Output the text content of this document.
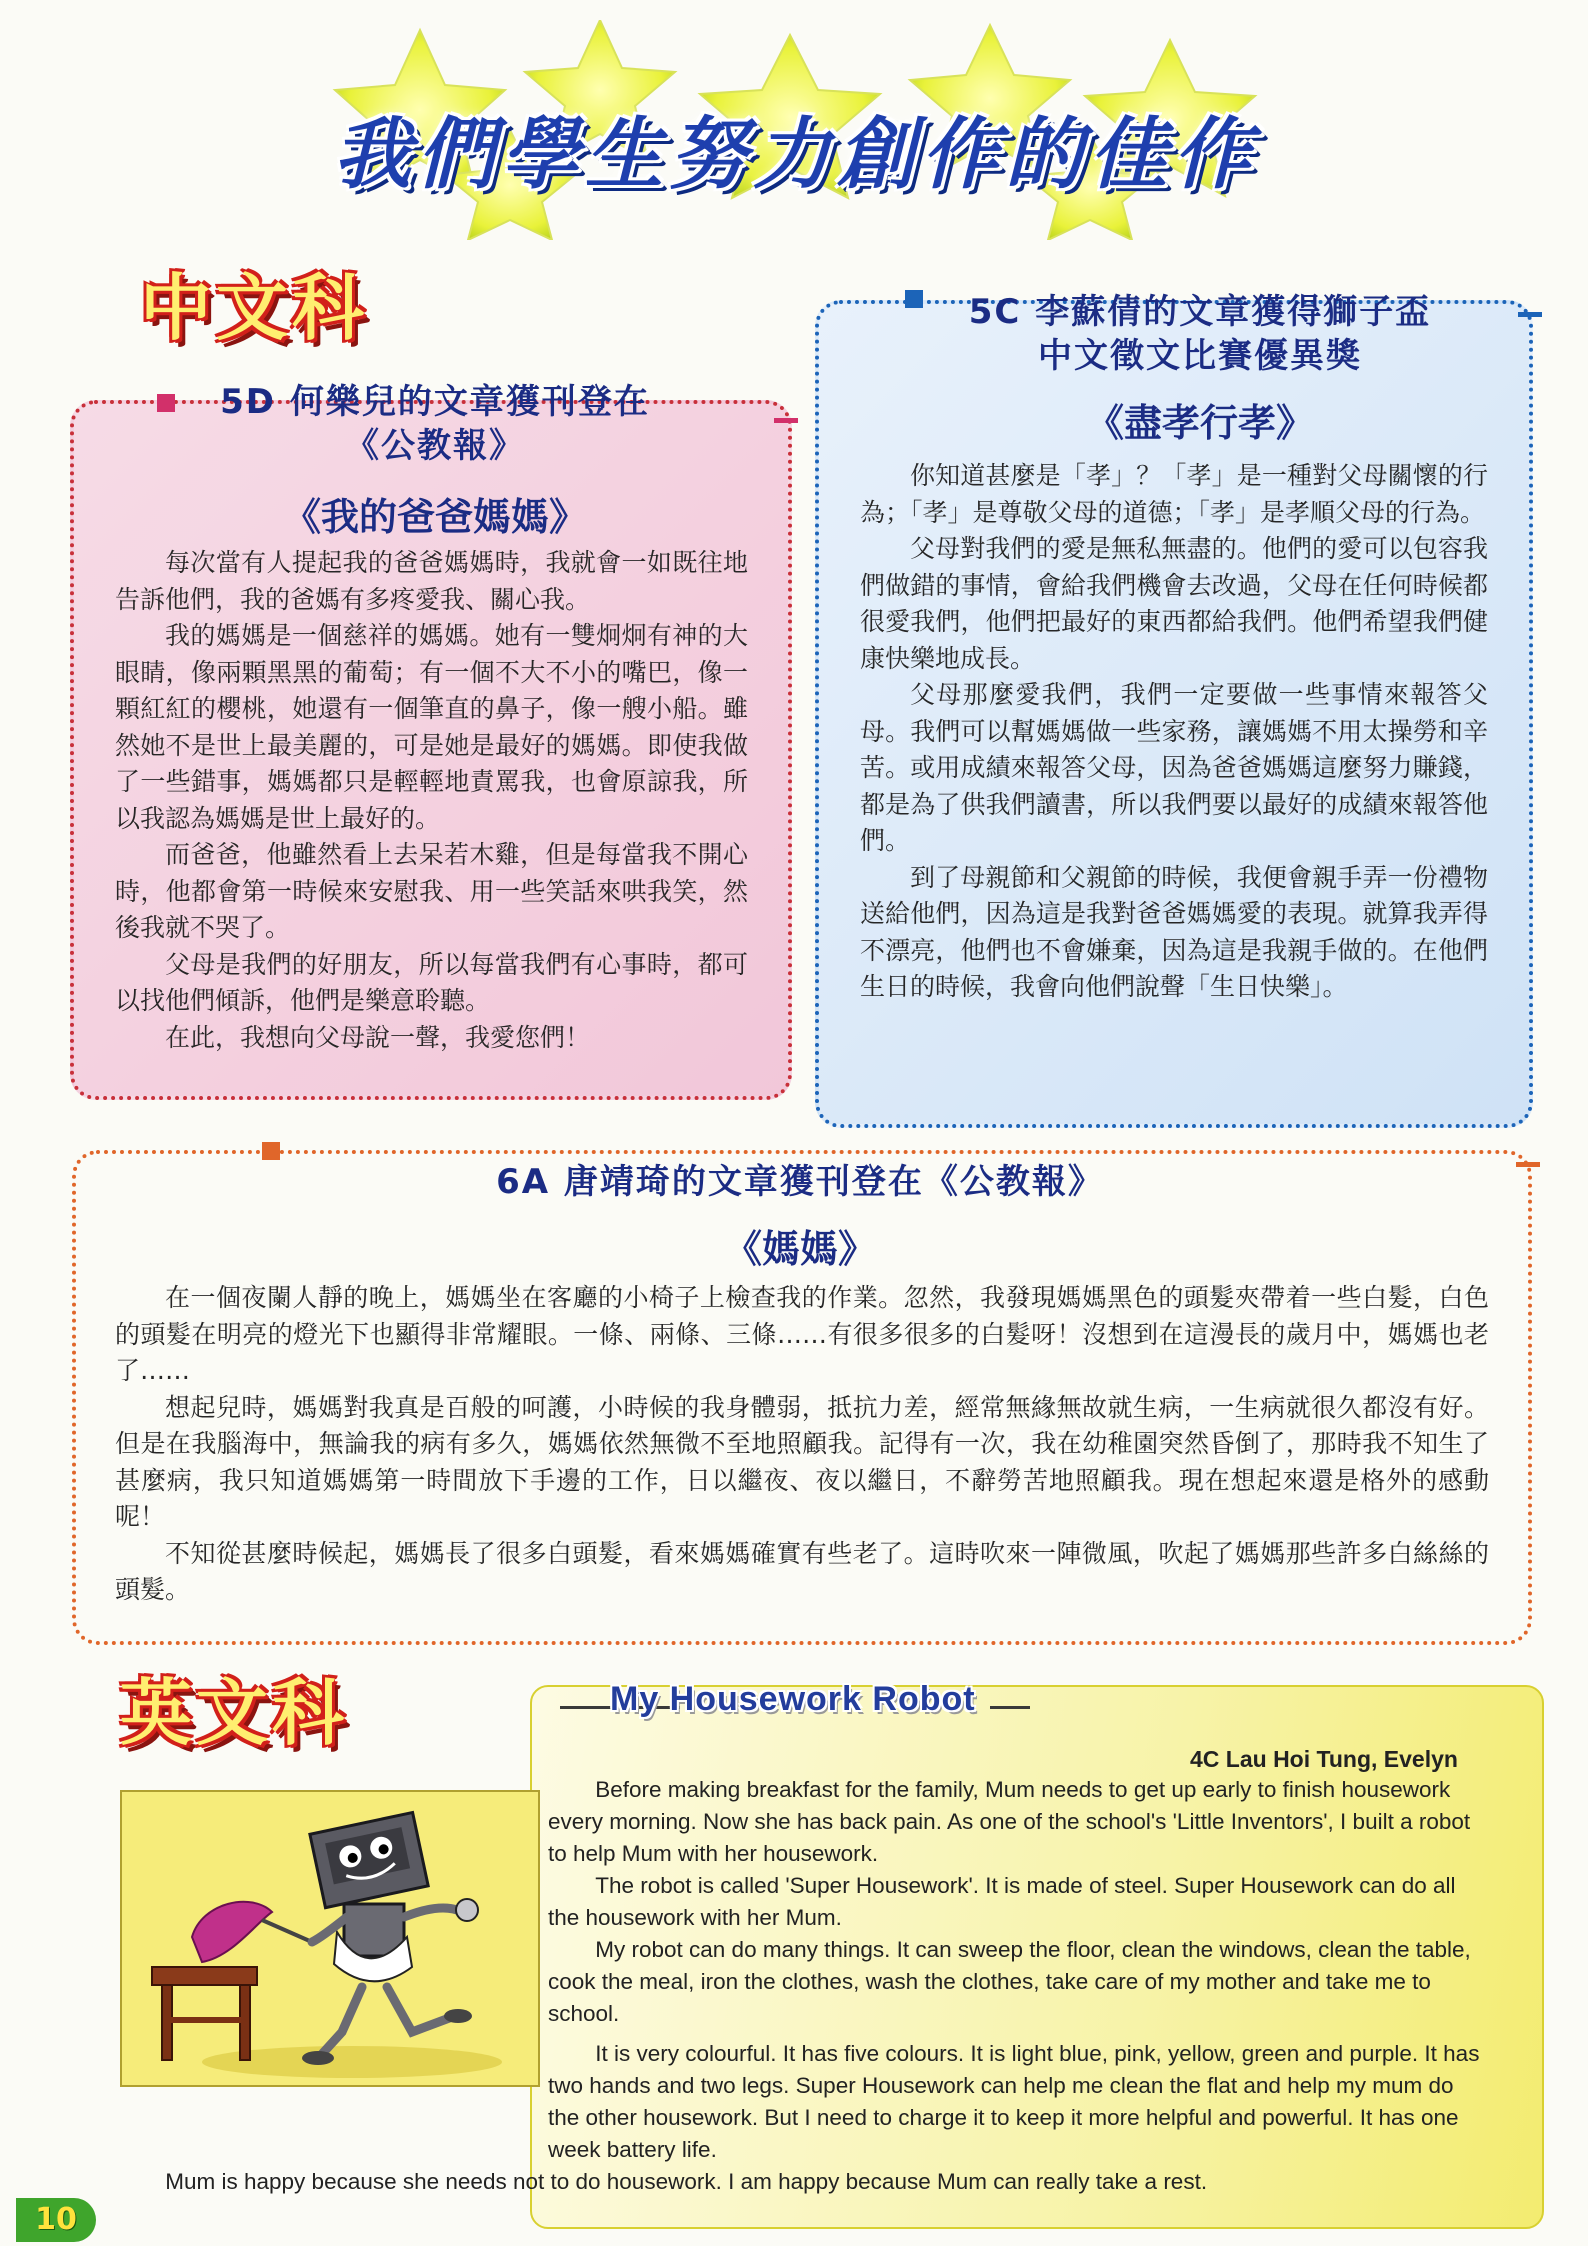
我們學生努力創作的佳作
中文科
5D 何樂兒的文章獲刊登在
《公教報》
《我的爸爸媽媽》

每次當有人提起我的爸爸媽媽時，我就會一如既往地告訴他們，我的爸媽有多疼愛我、關心我。

我的媽媽是一個慈祥的媽媽。她有一雙炯炯有神的大眼睛，像兩顆黑黑的葡萄；有一個不大不小的嘴巴，像一顆紅紅的櫻桃，她還有一個筆直的鼻子，像一艘小船。雖然她不是世上最美麗的，可是她是最好的媽媽。即使我做了一些錯事，媽媽都只是輕輕地責罵我，也會原諒我，所以我認為媽媽是世上最好的。

而爸爸，他雖然看上去呆若木雞，但是每當我不開心時，他都會第一時候來安慰我、用一些笑話來哄我笑，然後我就不哭了。

父母是我們的好朋友，所以每當我們有心事時，都可以找他們傾訴，他們是樂意聆聽。

在此，我想向父母說一聲，我愛您們！

5C 李蘇倩的文章獲得獅子盃
中文徵文比賽優異獎
《盡孝行孝》

你知道甚麼是「孝」？「孝」是一種對父母關懷的行為；「孝」是尊敬父母的道德；「孝」是孝順父母的行為。

父母對我們的愛是無私無盡的。他們的愛可以包容我們做錯的事情，會給我們機會去改過，父母在任何時候都很愛我們，他們把最好的東西都給我們。他們希望我們健康快樂地成長。

父母那麼愛我們，我們一定要做一些事情來報答父母。我們可以幫媽媽做一些家務，讓媽媽不用太操勞和辛苦。或用成績來報答父母，因為爸爸媽媽這麼努力賺錢，都是為了供我們讀書，所以我們要以最好的成績來報答他們。

到了母親節和父親節的時候，我便會親手弄一份禮物送給他們，因為這是我對爸爸媽媽愛的表現。就算我弄得不漂亮，他們也不會嫌棄，因為這是我親手做的。在他們生日的時候，我會向他們說聲「生日快樂」。

6A 唐靖琦的文章獲刊登在《公教報》
《媽媽》

在一個夜闌人靜的晚上，媽媽坐在客廳的小椅子上檢查我的作業。忽然，我發現媽媽黑色的頭髮夾帶着一些白髮，白色的頭髮在明亮的燈光下也顯得非常耀眼。一條、兩條、三條……有很多很多的白髮呀！沒想到在這漫長的歲月中，媽媽也老了……

想起兒時，媽媽對我真是百般的呵護，小時候的我身體弱，抵抗力差，經常無緣無故就生病，一生病就很久都沒有好。但是在我腦海中，無論我的病有多久，媽媽依然無微不至地照顧我。記得有一次，我在幼稚園突然昏倒了，那時我不知生了甚麼病，我只知道媽媽第一時間放下手邊的工作，日以繼夜、夜以繼日，不辭勞苦地照顧我。現在想起來還是格外的感動呢！

不知從甚麼時候起，媽媽長了很多白頭髮，看來媽媽確實有些老了。這時吹來一陣微風，吹起了媽媽那些許多白絲絲的頭髮。

英文科	My Housework Robot
4C Lau Hoi Tung, Evelyn

Before making breakfast for the family, Mum needs to get up early to finish housework every morning. Now she has back pain. As one of the school's 'Little Inventors', I built a robot to help Mum with her housework.

The robot is called 'Super Housework'. It is made of steel. Super Housework can do all the housework with her Mum.

My robot can do many things. It can sweep the floor, clean the windows, clean the table, cook the meal, iron the clothes, wash the clothes, take care of my mother and take me to school.

It is very colourful. It has five colours. It is light blue, pink, yellow, green and purple. It has two hands and two legs. Super Housework can help me clean the flat and help my mum do the other housework. But I need to charge it to keep it more helpful and powerful. It has one week battery life.

Mum is happy because she needs not to do housework. I am happy because Mum can really take a rest.

10
